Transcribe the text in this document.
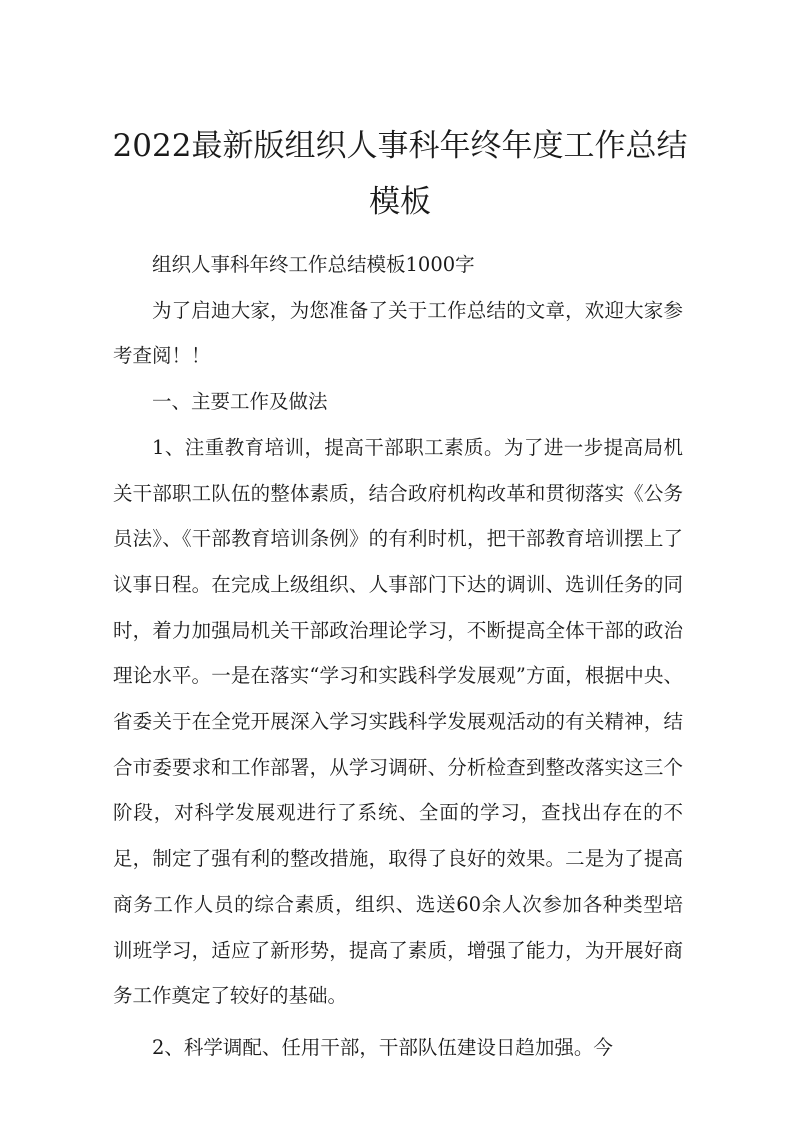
2022最新版组织人事科年终年度工作总结模板

组织人事科年终工作总结模板1000字

为了启迪大家，为您准备了关于工作总结的文章，欢迎大家参考查阅！！

一、主要工作及做法

1、注重教育培训，提高干部职工素质。为了进一步提高局机关干部职工队伍的整体素质，结合政府机构改革和贯彻落实《公务员法》、《干部教育培训条例》的有利时机，把干部教育培训摆上了议事日程。在完成上级组织、人事部门下达的调训、选训任务的同时，着力加强局机关干部政治理论学习，不断提高全体干部的政治理论水平。一是在落实“学习和实践科学发展观”方面，根据中央、省委关于在全党开展深入学习实践科学发展观活动的有关精神，结合市委要求和工作部署，从学习调研、分析检查到整改落实这三个阶段，对科学发展观进行了系统、全面的学习，查找出存在的不足，制定了强有利的整改措施，取得了良好的效果。二是为了提高商务工作人员的综合素质，组织、选送60余人次参加各种类型培训班学习，适应了新形势，提高了素质，增强了能力，为开展好商务工作奠定了较好的基础。

2、科学调配、任用干部，干部队伍建设日趋加强。今
